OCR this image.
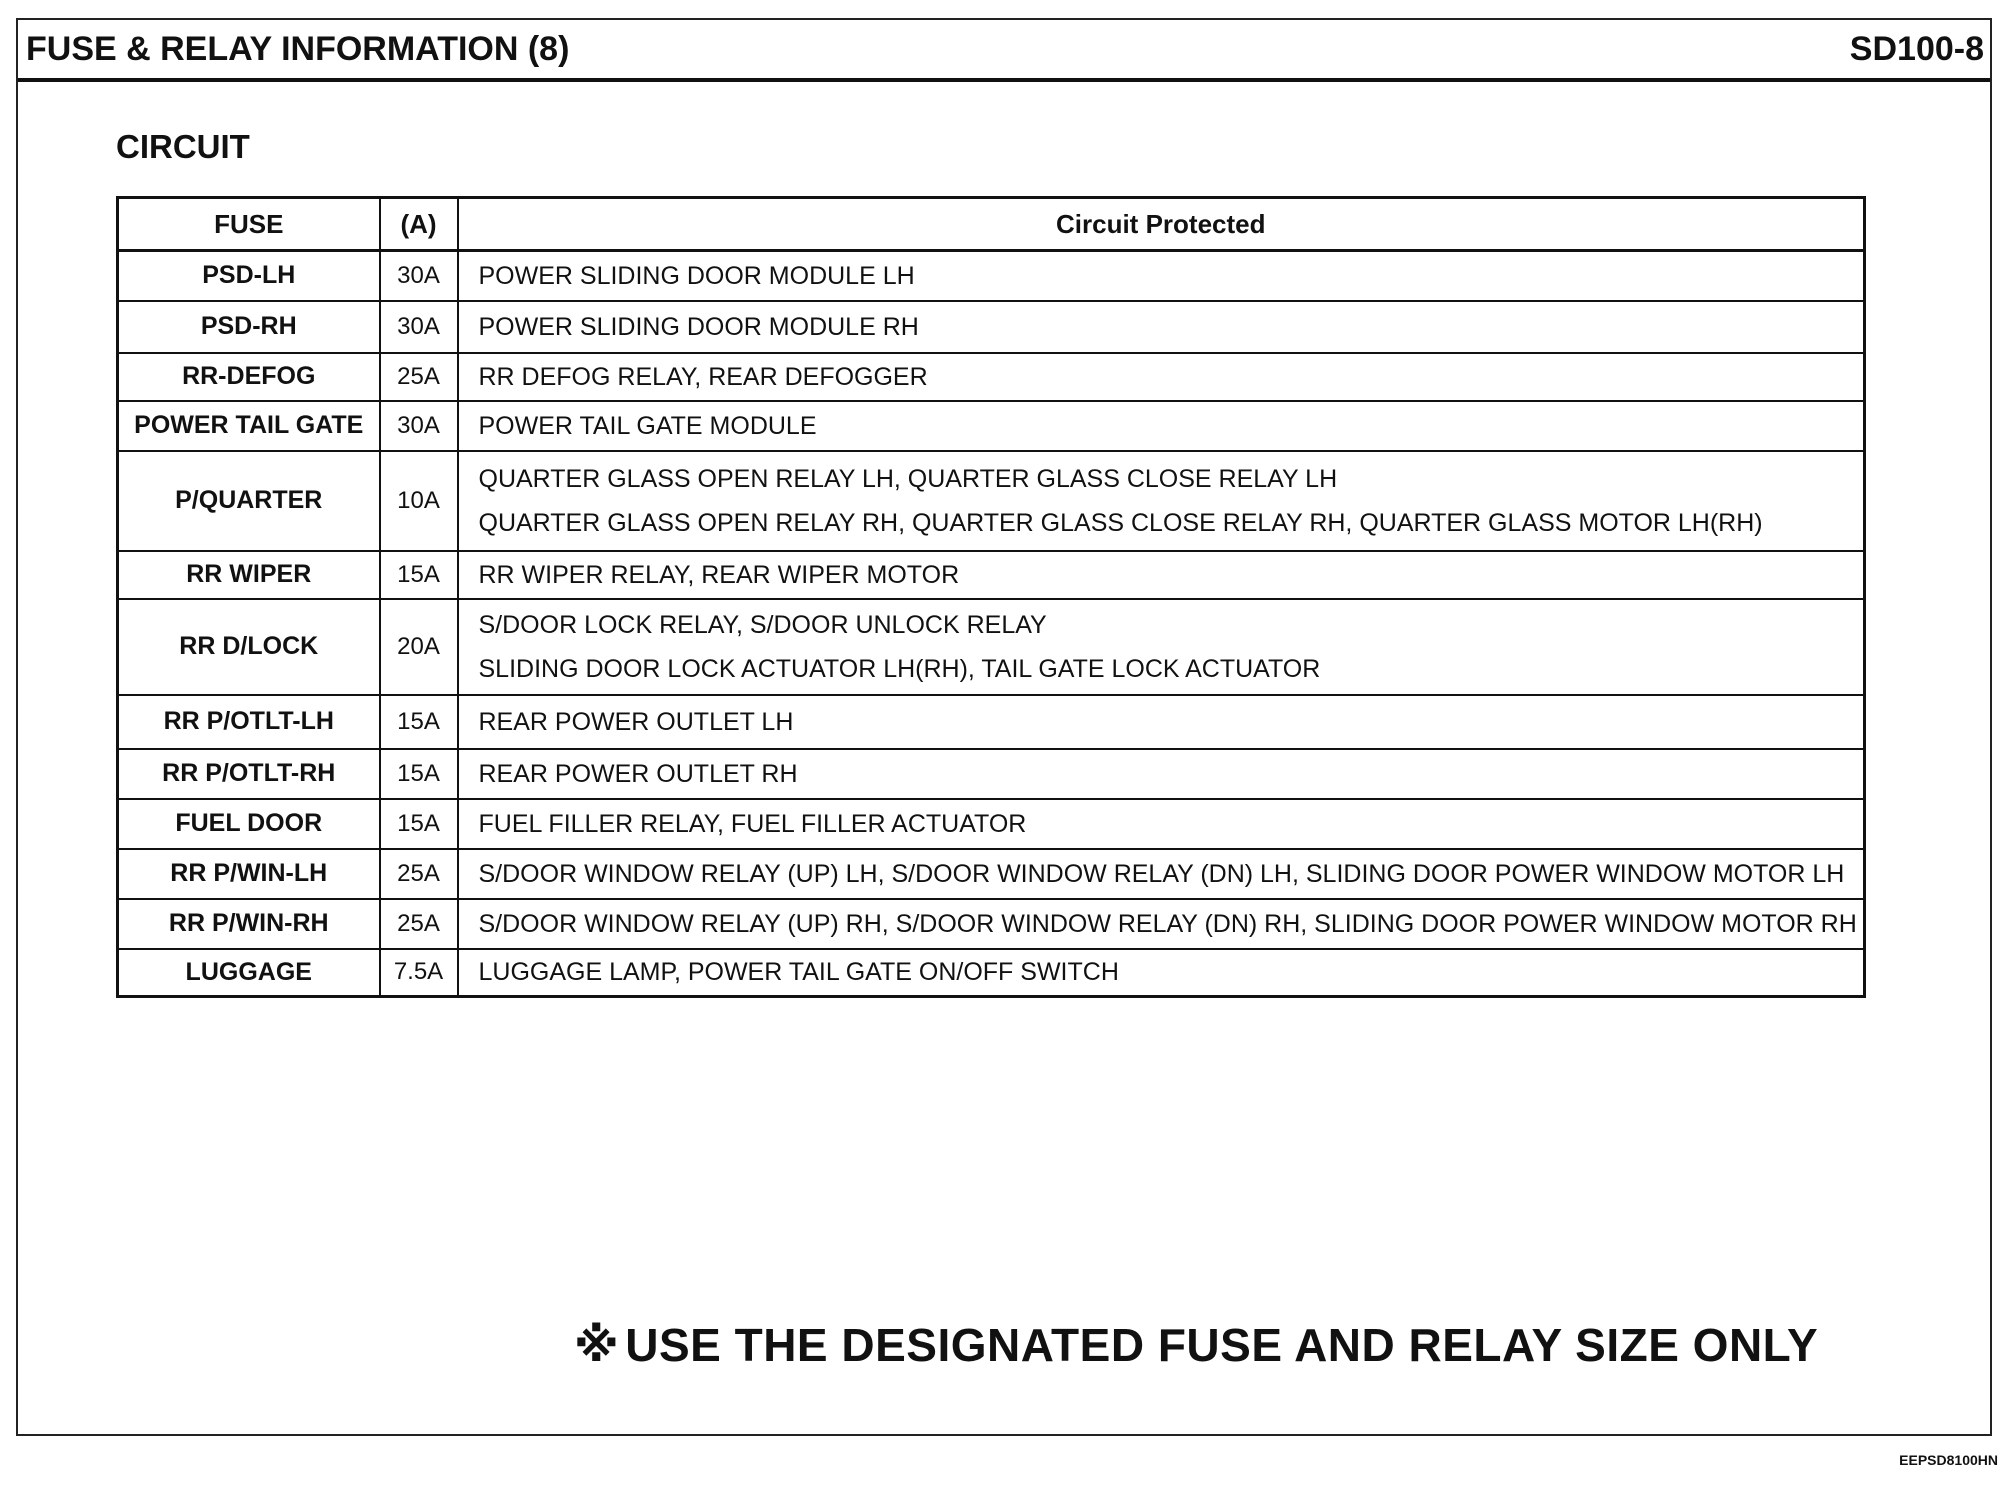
FUSE & RELAY INFORMATION (8)	SD100-8
CIRCUIT
FUSE	(A)	Circuit Protected
PSD-LH	30A	POWER SLIDING DOOR MODULE LH

PSD-RH	30A	POWER SLIDING DOOR MODULE RH

RR-DEFOG	25A	RR DEFOG RELAY, REAR DEFOGGER

POWER TAIL GATE	30A	POWER TAIL GATE MODULE

P/QUARTER	10A	QUARTER GLASS OPEN RELAY LH, QUARTER GLASS CLOSE RELAY LH
QUARTER GLASS OPEN RELAY RH, QUARTER GLASS CLOSE RELAY RH, QUARTER GLASS MOTOR LH(RH)

RR WIPER	15A	RR WIPER RELAY, REAR WIPER MOTOR

RR D/LOCK	20A	S/DOOR LOCK RELAY, S/DOOR UNLOCK RELAY
SLIDING DOOR LOCK ACTUATOR LH(RH), TAIL GATE LOCK ACTUATOR

RR P/OTLT-LH	15A	REAR POWER OUTLET LH

RR P/OTLT-RH	15A	REAR POWER OUTLET RH

FUEL DOOR	15A	FUEL FILLER RELAY, FUEL FILLER ACTUATOR

RR P/WIN-LH	25A	S/DOOR WINDOW RELAY (UP) LH, S/DOOR WINDOW RELAY (DN) LH, SLIDING DOOR POWER WINDOW MOTOR LH

RR P/WIN-RH	25A	S/DOOR WINDOW RELAY (UP) RH, S/DOOR WINDOW RELAY (DN) RH, SLIDING DOOR POWER WINDOW MOTOR RH

LUGGAGE	7.5A	LUGGAGE LAMP, POWER TAIL GATE ON/OFF SWITCH
※ USE THE DESIGNATED FUSE AND RELAY SIZE ONLY
EEPSD8100HN
